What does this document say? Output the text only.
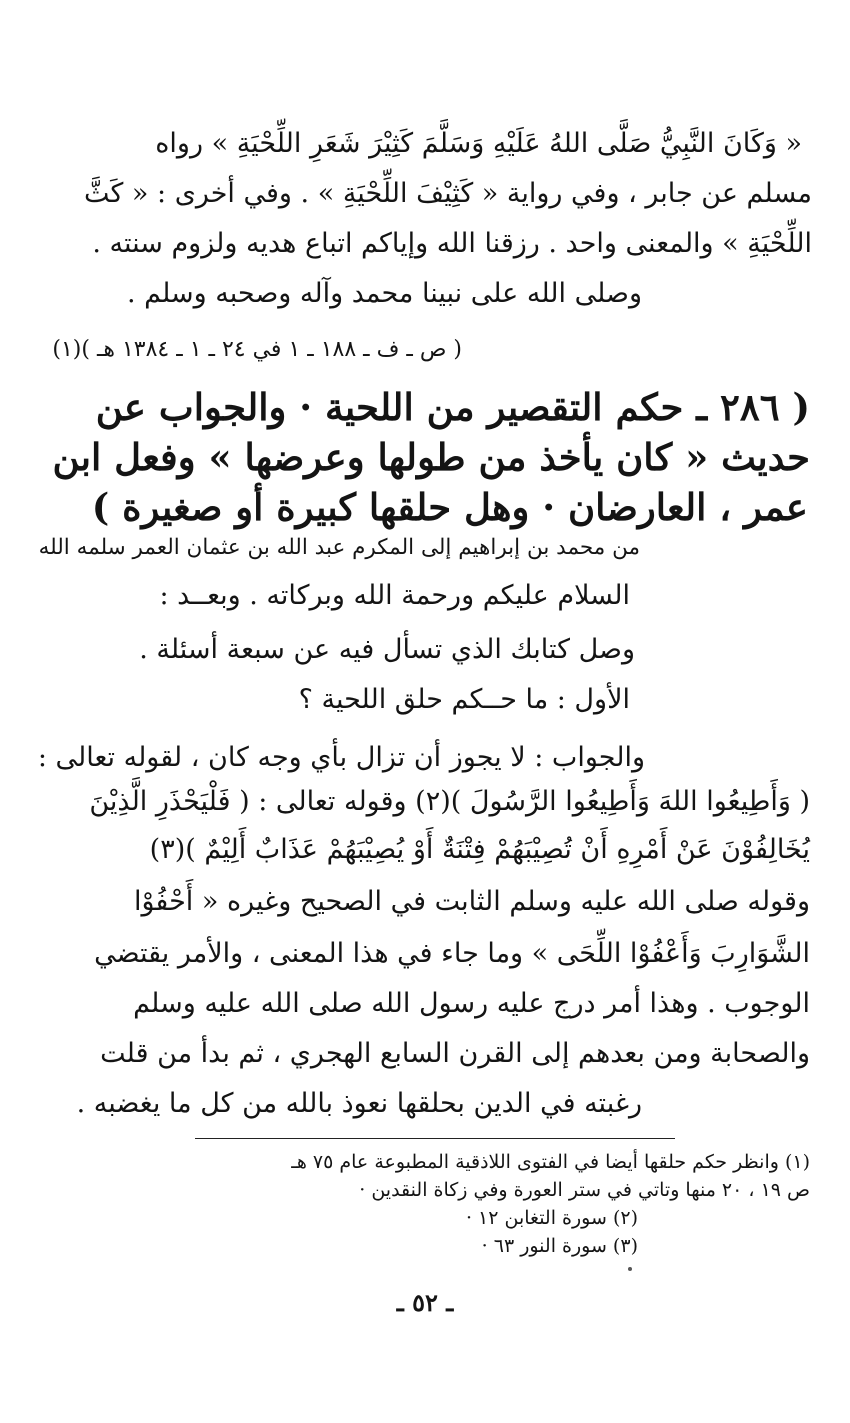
« وَكَانَ النَّبِيُّ صَلَّى اللهُ عَلَيْهِ وَسَلَّمَ كَثِيْرَ شَعَرِ اللِّحْيَةِ » رواه
مسلم عن جابر ، وفي رواية « كَثِيْفَ اللِّحْيَةِ » . وفي أخرى : « كَثَّ
اللِّحْيَةِ » والمعنى واحد . رزقنا الله وإياكم اتباع هديه ولزوم سنته .
وصلى الله على نبينا محمد وآله وصحبه وسلم .
( ص ـ ف ـ ١٨٨ ـ ١ في ٢٤ ـ ١ ـ ١٣٨٤ هـ )(١)
( ٢٨٦ ـ حكم التقصير من اللحية · والجواب عن
حديث « كان يأخذ من طولها وعرضها » وفعل ابن
عمر ، العارضان · وهل حلقها كبيرة أو صغيرة )
من محمد بن إبراهيم إلى المكرم عبد الله بن عثمان العمر سلمه الله
السلام عليكم ورحمة الله وبركاته . وبعــد :
وصل كتابك الذي تسأل فيه عن سبعة أسئلة .
الأول : ما حــكم حلق اللحية ؟
والجواب : لا يجوز أن تزال بأي وجه كان ، لقوله تعالى :
( وَأَطِيعُوا اللهَ وَأَطِيعُوا الرَّسُولَ )(٢) وقوله تعالى : ( فَلْيَحْذَرِ الَّذِيْنَ
يُخَالِفُوْنَ عَنْ أَمْرِهِ أَنْ تُصِيْبَهُمْ فِتْنَةٌ أَوْ يُصِيْبَهُمْ عَذَابٌ أَلِيْمٌ )(٣)
وقوله صلى الله عليه وسلم الثابت في الصحيح وغيره « أَحْفُوْا
الشَّوَارِبَ وَأَعْفُوْا اللِّحَى » وما جاء في هذا المعنى ، والأمر يقتضي
الوجوب . وهذا أمر درج عليه رسول الله صلى الله عليه وسلم
والصحابة ومن بعدهم إلى القرن السابع الهجري ، ثم بدأ من قلت
رغبته في الدين بحلقها نعوذ بالله من كل ما يغضبه .
(١) وانظر حكم حلقها أيضا في الفتوى اللاذقية المطبوعة عام ٧٥ هـ
ص ١٩ ، ٢٠ منها وتاتي في ستر العورة وفي زكاة النقدين ·
(٢) سورة التغابن ١٢ ·
(٣) سورة النور ٦٣ ·
ـ ٥٢ ـ
